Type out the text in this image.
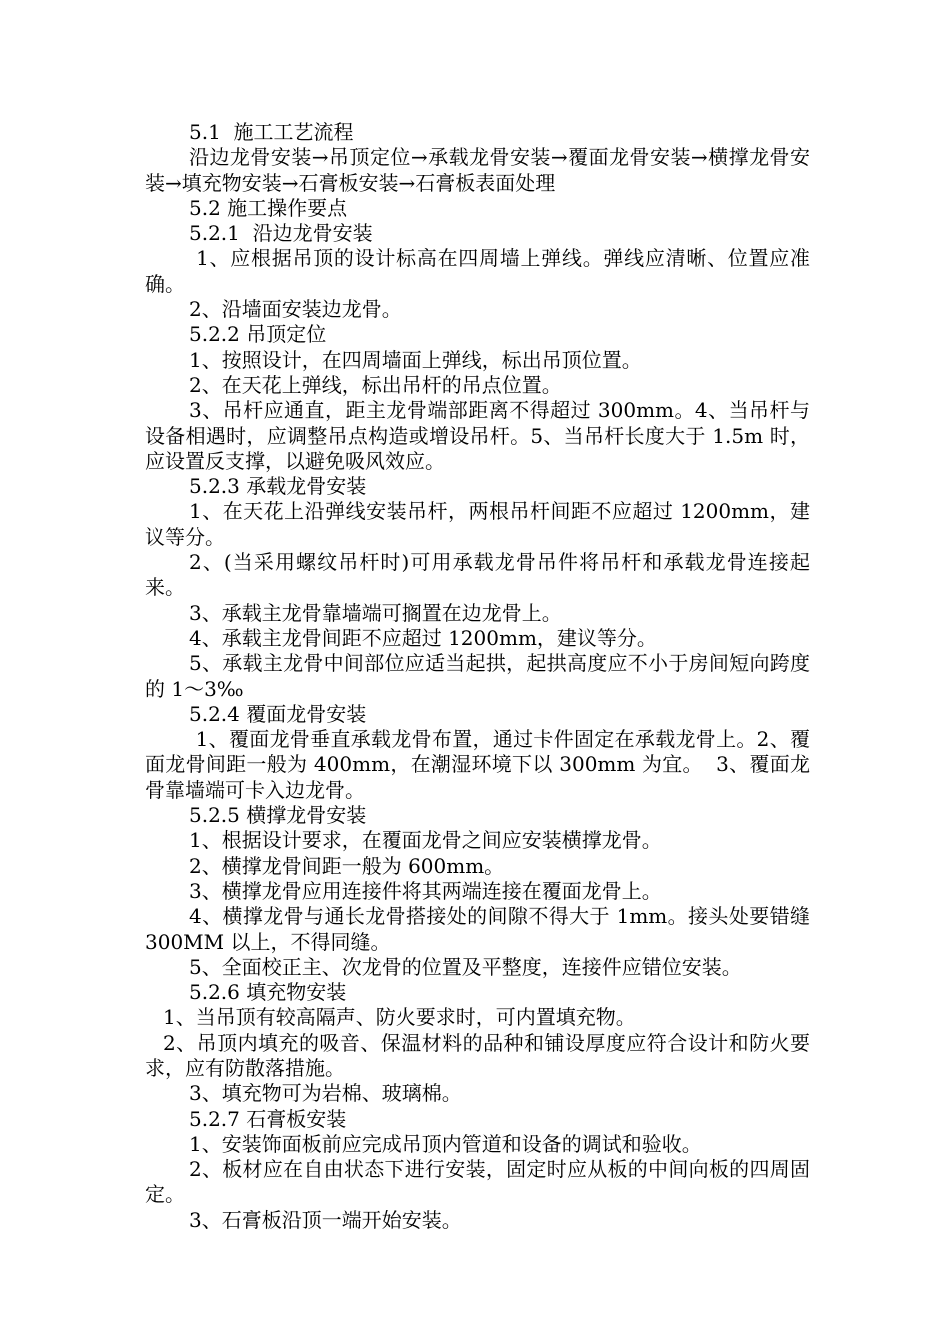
5.1  施工工艺流程

沿边龙骨安装→吊顶定位→承载龙骨安装→覆面龙骨安装→横撑龙骨安装→填充物安装→石膏板安装→石膏板表面处理

5.2 施工操作要点

5.2.1  沿边龙骨安装

1、应根据吊顶的设计标高在四周墙上弹线。弹线应清晰、位置应准确。

2、沿墙面安装边龙骨。

5.2.2 吊顶定位

1、按照设计，在四周墙面上弹线，标出吊顶位置。

2、在天花上弹线，标出吊杆的吊点位置。

3、吊杆应通直，距主龙骨端部距离不得超过 300mm。4、当吊杆与设备相遇时，应调整吊点构造或增设吊杆。5、当吊杆长度大于 1.5m 时，应设置反支撑，以避免吸风效应。

5.2.3 承载龙骨安装

1、在天花上沿弹线安装吊杆，两根吊杆间距不应超过 1200mm，建议等分。

2、(当采用螺纹吊杆时)可用承载龙骨吊件将吊杆和承载龙骨连接起来。

3、承载主龙骨靠墙端可搁置在边龙骨上。

4、承载主龙骨间距不应超过 1200mm，建议等分。

5、承载主龙骨中间部位应适当起拱，起拱高度应不小于房间短向跨度的 1～3‰

5.2.4 覆面龙骨安装

1、覆面龙骨垂直承载龙骨布置，通过卡件固定在承载龙骨上。2、覆面龙骨间距一般为 400mm，在潮湿环境下以 300mm 为宜。  3、覆面龙骨靠墙端可卡入边龙骨。

5.2.5 横撑龙骨安装

1、根据设计要求，在覆面龙骨之间应安装横撑龙骨。

2、横撑龙骨间距一般为 600mm。

3、横撑龙骨应用连接件将其两端连接在覆面龙骨上。

4、横撑龙骨与通长龙骨搭接处的间隙不得大于 1mm。接头处要错缝 300MM 以上，不得同缝。

5、全面校正主、次龙骨的位置及平整度，连接件应错位安装。

5.2.6 填充物安装

1、当吊顶有较高隔声、防火要求时，可内置填充物。

2、吊顶内填充的吸音、保温材料的品种和铺设厚度应符合设计和防火要求，应有防散落措施。

3、填充物可为岩棉、玻璃棉。

5.2.7 石膏板安装

1、安装饰面板前应完成吊顶内管道和设备的调试和验收。

2、板材应在自由状态下进行安装，固定时应从板的中间向板的四周固定。

3、石膏板沿顶一端开始安装。
